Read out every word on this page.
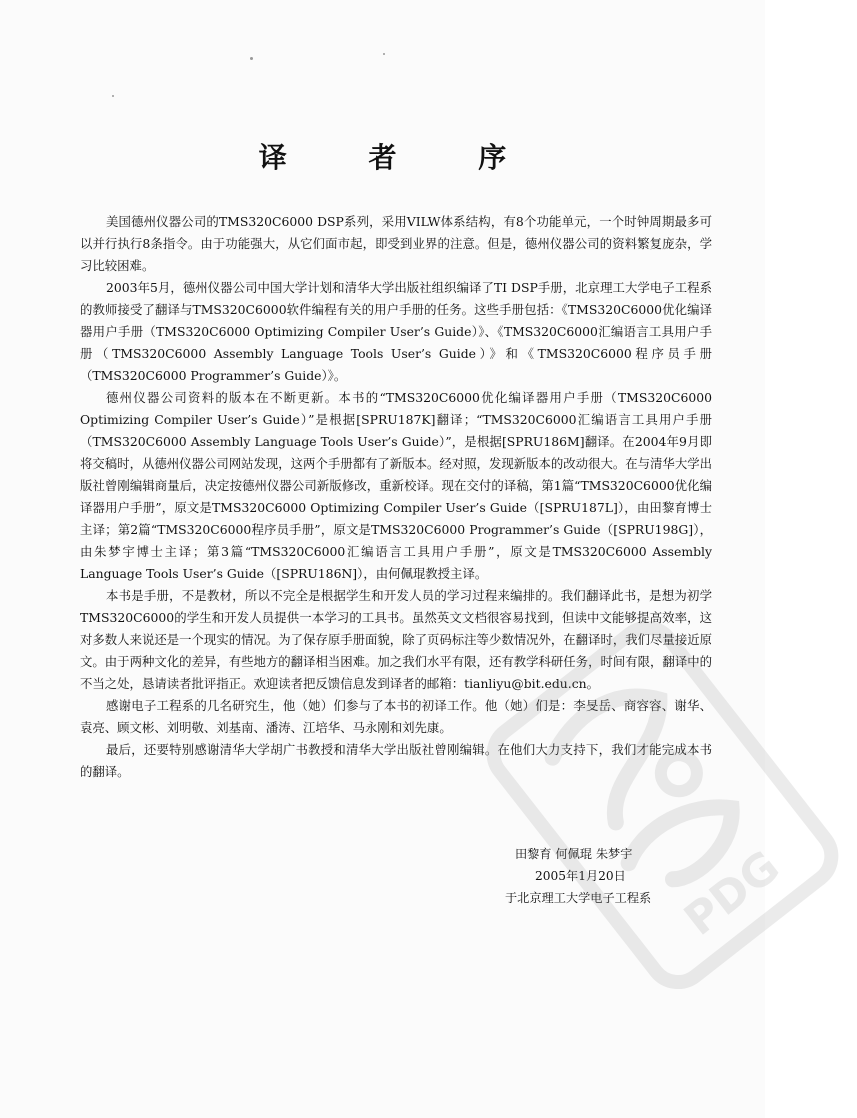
译 者 序

美国德州仪器公司的TMS320C6000 DSP系列，采用VILW体系结构，有8个功能单元，一个时钟周期最多可以并行执行8条指令。由于功能强大，从它们面市起，即受到业界的注意。但是，德州仪器公司的资料繁复庞杂，学习比较困难。

2003年5月，德州仪器公司中国大学计划和清华大学出版社组织编译了TI DSP手册，北京理工大学电子工程系的教师接受了翻译与TMS320C6000软件编程有关的用户手册的任务。这些手册包括：《TMS320C6000优化编译器用户手册（TMS320C6000 Optimizing Compiler User’s Guide）》、《TMS320C6000汇编语言工具用户手册（TMS320C6000 Assembly Language Tools User’s Guide）》和《TMS320C6000程序员手册（TMS320C6000 Programmer’s Guide）》。

德州仪器公司资料的版本在不断更新。本书的“TMS320C6000优化编译器用户手册（TMS320C6000 Optimizing Compiler User’s Guide）”是根据[SPRU187K]翻译；“TMS320C6000汇编语言工具用户手册（TMS320C6000 Assembly Language Tools User’s Guide）”，是根据[SPRU186M]翻译。在2004年9月即将交稿时，从德州仪器公司网站发现，这两个手册都有了新版本。经对照，发现新版本的改动很大。在与清华大学出版社曾刚编辑商量后，决定按德州仪器公司新版修改，重新校译。现在交付的译稿，第1篇“TMS320C6000优化编译器用户手册”，原文是TMS320C6000 Optimizing Compiler User’s Guide（[SPRU187L]），由田黎育博士主译；第2篇“TMS320C6000程序员手册”，原文是TMS320C6000 Programmer’s Guide（[SPRU198G]），由朱梦宇博士主译；第3篇“TMS320C6000汇编语言工具用户手册”，原文是TMS320C6000 Assembly Language Tools User’s Guide（[SPRU186N]），由何佩琨教授主译。

本书是手册，不是教材，所以不完全是根据学生和开发人员的学习过程来编排的。我们翻译此书，是想为初学TMS320C6000的学生和开发人员提供一本学习的工具书。虽然英文文档很容易找到，但读中文能够提高效率，这对多数人来说还是一个现实的情况。为了保存原手册面貌，除了页码标注等少数情况外，在翻译时，我们尽量接近原文。由于两种文化的差异，有些地方的翻译相当困难。加之我们水平有限，还有教学科研任务，时间有限，翻译中的不当之处，恳请读者批评指正。欢迎读者把反馈信息发到译者的邮箱：tianliyu@bit.edu.cn。

感谢电子工程系的几名研究生，他（她）们参与了本书的初译工作。他（她）们是：李旻岳、商容容、谢华、袁亮、顾文彬、刘明敬、刘基南、潘涛、江培华、马永刚和刘先康。

最后，还要特别感谢清华大学胡广书教授和清华大学出版社曾刚编辑。在他们大力支持下，我们才能完成本书的翻译。

田黎育 何佩琨 朱梦宇
2005年1月20日
于北京理工大学电子工程系 PDG
